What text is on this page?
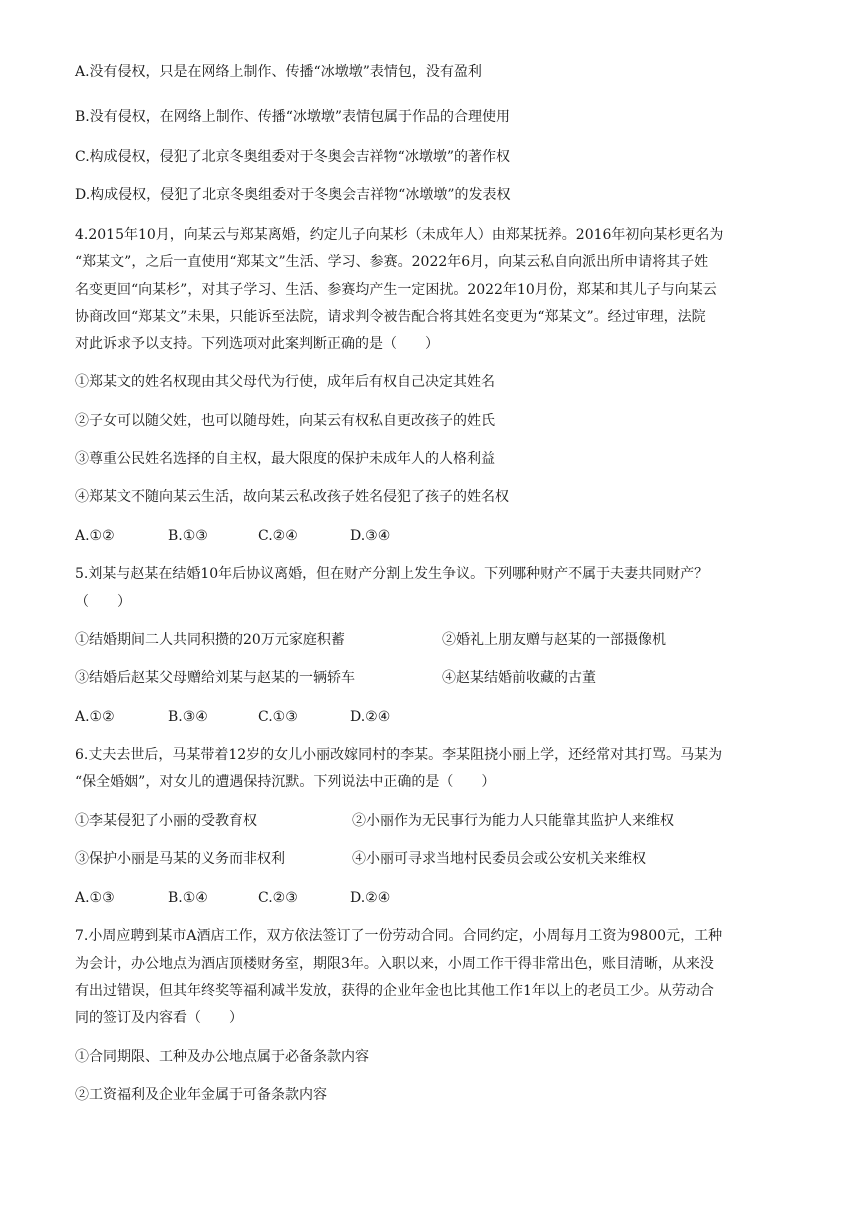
A.没有侵权，只是在网络上制作、传播“冰墩墩”表情包，没有盈利
B.没有侵权，在网络上制作、传播“冰墩墩”表情包属于作品的合理使用
C.构成侵权，侵犯了北京冬奥组委对于冬奥会吉祥物“冰墩墩”的著作权
D.构成侵权，侵犯了北京冬奥组委对于冬奥会吉祥物“冰墩墩”的发表权
4.2015年10月，向某云与郑某离婚，约定儿子向某杉（未成年人）由郑某抚养。2016年初向某杉更名为
“郑某文”，之后一直使用“郑某文”生活、学习、参赛。2022年6月，向某云私自向派出所申请将其子姓
名变更回“向某杉”，对其子学习、生活、参赛均产生一定困扰。2022年10月份，郑某和其儿子与向某云
协商改回“郑某文”未果，只能诉至法院，请求判令被告配合将其姓名变更为“郑某文”。经过审理，法院
对此诉求予以支持。下列选项对此案判断正确的是（　　）
①郑某文的姓名权现由其父母代为行使，成年后有权自己决定其姓名
②子女可以随父姓，也可以随母姓，向某云有权私自更改孩子的姓氏
③尊重公民姓名选择的自主权，最大限度的保护未成年人的人格利益
④郑某文不随向某云生活，故向某云私改孩子姓名侵犯了孩子的姓名权
A.①②	B.①③	C.②④	D.③④
5.刘某与赵某在结婚10年后协议离婚，但在财产分割上发生争议。下列哪种财产不属于夫妻共同财产？
（　　）
①结婚期间二人共同积攒的20万元家庭积蓄	②婚礼上朋友赠与赵某的一部摄像机
③结婚后赵某父母赠给刘某与赵某的一辆轿车	④赵某结婚前收藏的古董
A.①②	B.③④	C.①③	D.②④
6.丈夫去世后，马某带着12岁的女儿小丽改嫁同村的李某。李某阻挠小丽上学，还经常对其打骂。马某为
“保全婚姻”，对女儿的遭遇保持沉默。下列说法中正确的是（　　）
①李某侵犯了小丽的受教育权	②小丽作为无民事行为能力人只能靠其监护人来维权
③保护小丽是马某的义务而非权利	④小丽可寻求当地村民委员会或公安机关来维权
A.①③	B.①④	C.②③	D.②④
7.小周应聘到某市A酒店工作，双方依法签订了一份劳动合同。合同约定，小周每月工资为9800元，工种
为会计，办公地点为酒店顶楼财务室，期限3年。入职以来，小周工作干得非常出色，账目清晰，从来没
有出过错误，但其年终奖等福利减半发放，获得的企业年金也比其他工作1年以上的老员工少。从劳动合
同的签订及内容看（　　）
①合同期限、工种及办公地点属于必备条款内容
②工资福利及企业年金属于可备条款内容
